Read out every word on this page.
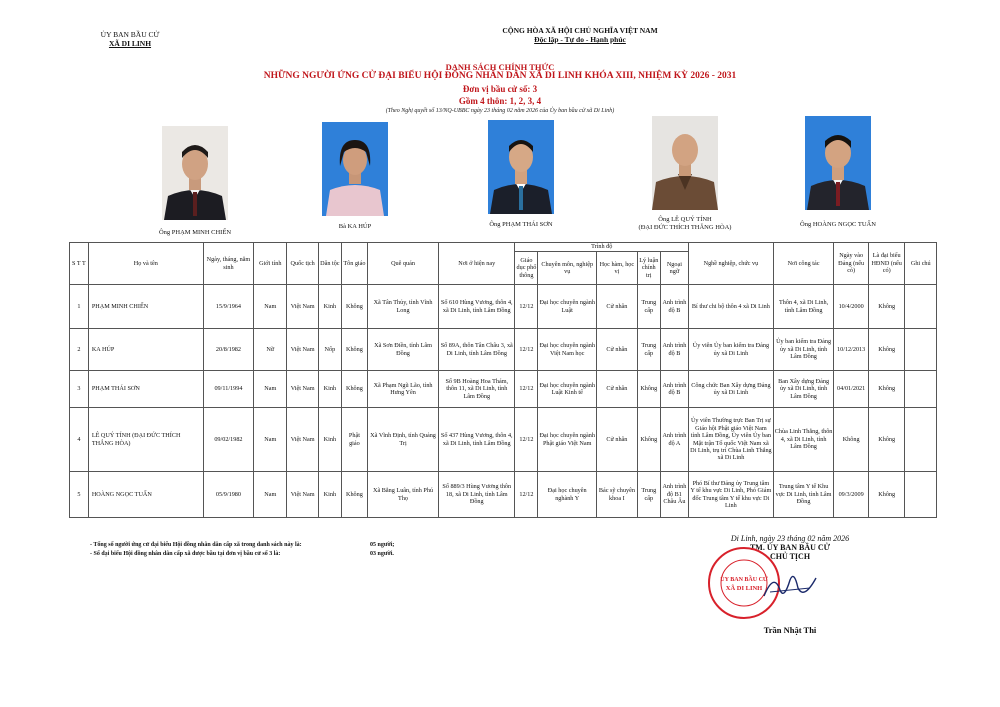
ỦY BAN BẦU CỬ
XÃ DI LINH
CỘNG HÒA XÃ HỘI CHỦ NGHĨA VIỆT NAM
Độc lập - Tự do - Hạnh phúc
DANH SÁCH CHÍNH THỨC
NHỮNG NGƯỜI ỨNG CỬ ĐẠI BIỂU HỘI ĐỒNG NHÂN DÂN XÃ DI LINH KHÓA XIII, NHIỆM KỲ 2026 - 2031
Đơn vị bầu cử số: 3
Gồm 4 thôn: 1, 2, 3, 4
(Theo Nghị quyết số 13/NQ-UBBC ngày 23 tháng 02 năm 2026 của Ủy ban bầu cử xã Di Linh)
Ông PHẠM MINH CHIẾN
Bà KA HÚP	Ông PHẠM THÁI SƠN
Ông LÊ QUÝ TÍNH
(ĐẠI ĐỨC THÍCH THẮNG HÒA)	Ông HOÀNG NGỌC TUẤN
S T T	Họ và tên	Ngày, tháng, năm sinh	Giới tính	Quốc tịch	Dân tộc	Tôn giáo	Quê quán	Nơi ở hiện nay	Trình độ					Nghề nghiệp, chức vụ	Nơi công tác	Ngày vào Đảng (nếu có)	Là đại biểu HĐND (nếu có)	Ghi chú
									Giáo dục phổ thông	Chuyên môn, nghiệp vụ	Học hàm, học vị	Lý luận chính trị	Ngoại ngữ					
1	PHẠM MINH CHIẾN	15/9/1964	Nam	Việt Nam	Kinh	Không	Xã Tân Thủy, tỉnh Vĩnh Long	Số 610 Hùng Vương, thôn 4, xã Di Linh, tỉnh Lâm Đồng	12/12	Đại học chuyên ngành Luật	Cử nhân	Trung cấp	Anh trình độ B	Bí thư chi bộ thôn 4 xã Di Linh	Thôn 4, xã Di Linh, tỉnh Lâm Đồng	10/4/2000	Không	
2	KA HÚP	20/8/1982	Nữ	Việt Nam	Nốp	Không	Xã Sơn Điền, tỉnh Lâm Đồng	Số 89A, thôn Tân Châu 3, xã Di Linh, tỉnh Lâm Đồng	12/12	Đại học chuyên ngành Việt Nam học	Cử nhân	Trung cấp	Anh trình độ B	Ủy viên Ủy ban kiểm tra Đảng ủy xã Di Linh	Ủy ban kiểm tra Đảng ủy xã Di Linh, tỉnh Lâm Đồng	10/12/2013	Không	
3	PHẠM THÁI SƠN	09/11/1994	Nam	Việt Nam	Kinh	Không	Xã Phạm Ngũ Lão, tỉnh Hưng Yên	Số 9B Hoàng Hoa Thám, thôn 11, xã Di Linh, tỉnh Lâm Đồng	12/12	Đại học chuyên ngành Luật Kinh tế	Cử nhân	Không	Anh trình độ B	Công chức Ban Xây dựng Đảng ủy xã Di Linh	Ban Xây dựng Đảng ủy xã Di Linh, tỉnh Lâm Đồng	04/01/2021	Không	
4	LÊ QUÝ TÍNH (ĐẠI ĐỨC THÍCH THẮNG HÒA)	09/02/1982	Nam	Việt Nam	Kinh	Phật giáo	Xã Vĩnh Định, tỉnh Quảng Trị	Số 437 Hùng Vương, thôn 4, xã Di Linh, tỉnh Lâm Đồng	12/12	Đại học chuyên ngành Phật giáo Việt Nam	Cử nhân	Không	Anh trình độ A	Ủy viên Thường trực Ban Trị sự Giáo hội Phật giáo Việt Nam tỉnh Lâm Đồng, Ủy viên Ủy ban Mặt trận Tổ quốc Việt Nam xã Di Linh, trụ trì Chùa Linh Thắng xã Di Linh	Chùa Linh Thắng, thôn 4, xã Di Linh, tỉnh Lâm Đồng	Không	Không	
5	HOÀNG NGỌC TUẤN	05/9/1980	Nam	Việt Nam	Kinh	Không	Xã Bằng Luân, tỉnh Phú Thọ	Số 889/3 Hùng Vương thôn 18, xã Di Linh, tỉnh Lâm Đồng	12/12	Đại học chuyên nghành Y	Bác sỹ chuyên khoa I	Trung cấp	Anh trình độ B1 Châu Âu	Phó Bí thư Đảng ủy Trung tâm Y tế khu vực Di Linh, Phó Giám đốc Trung tâm Y tế khu vực Di Linh	Trung tâm Y tế Khu vực Di Linh, tỉnh Lâm Đồng	09/3/2009	Không	
- Tổng số người ứng cử đại biểu Hội đồng nhân dân cấp xã trong danh sách này là:	05 người;
- Số đại biểu Hội đồng nhân dân cấp xã được bầu tại đơn vị bầu cử số 3 là:	03 người.
Di Linh, ngày 23 tháng 02 năm 2026
TM. ỦY BAN BẦU CỬ
CHỦ TỊCH
ỦY BAN BẦU CỬ
XÃ DI LINH
Trần Nhật Thi
